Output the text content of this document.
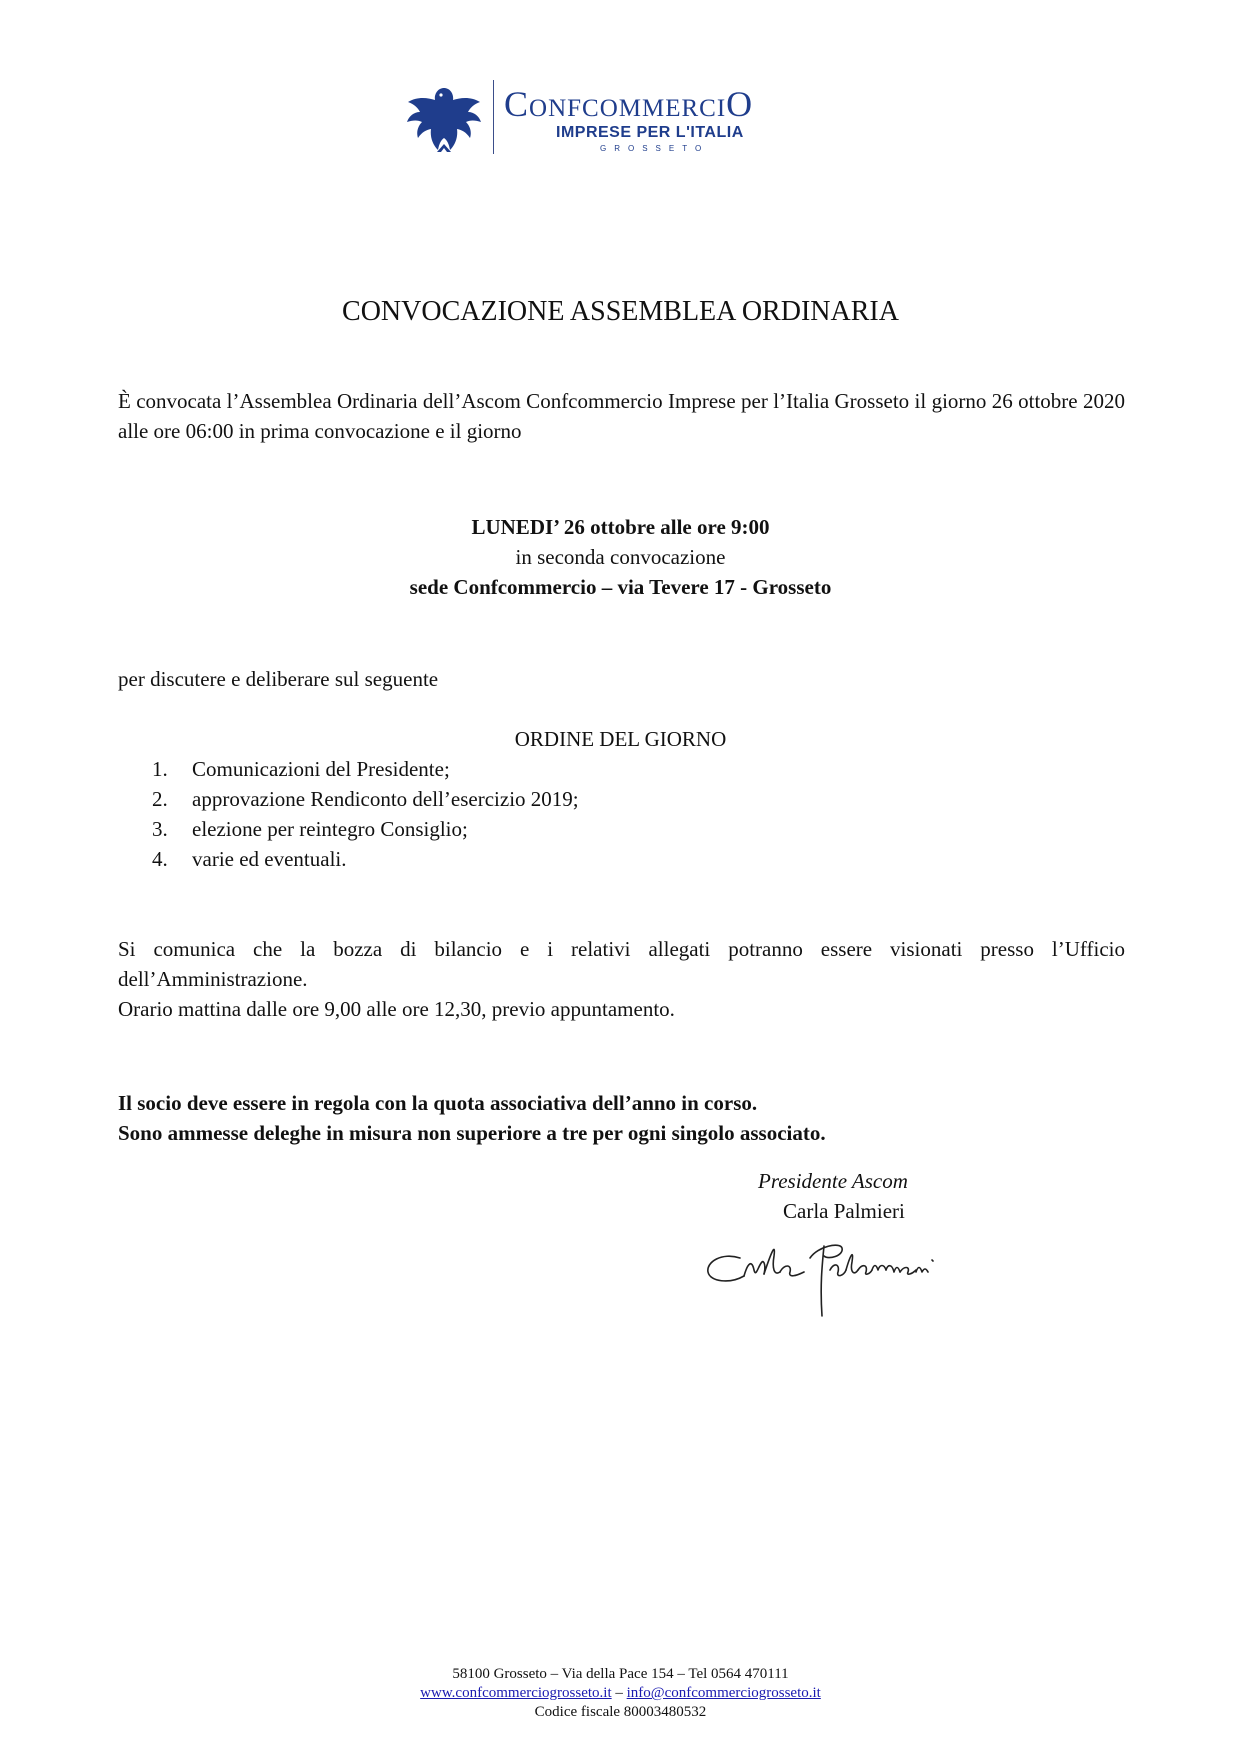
ConfcommerciO
IMPRESE PER L'ITALIA
GROSSETO
CONVOCAZIONE ASSEMBLEA ORDINARIA
È convocata l’Assemblea Ordinaria dell’Ascom Confcommercio Imprese per l’Italia Grosseto il giorno 26 ottobre 2020 alle ore 06:00 in prima convocazione e il giorno
LUNEDI’ 26 ottobre alle ore 9:00
in seconda convocazione
sede Confcommercio – via Tevere 17 - Grosseto
per discutere e deliberare sul seguente
ORDINE DEL GIORNO
1. Comunicazioni del Presidente;
2. approvazione Rendiconto dell’esercizio 2019;
3. elezione per reintegro Consiglio;
4. varie ed eventuali.
Si comunica che la bozza di bilancio e i relativi allegati potranno essere visionati presso l’Ufficio dell’Amministrazione.
Orario mattina dalle ore 9,00 alle ore 12,30, previo appuntamento.
Il socio deve essere in regola con la quota associativa dell’anno in corso.
Sono ammesse deleghe in misura non superiore a tre per ogni singolo associato.
Presidente Ascom
Carla Palmieri
58100 Grosseto – Via della Pace 154 – Tel 0564 470111
www.confcommerciogrosseto.it – info@confcommerciogrosseto.it
Codice fiscale 80003480532
